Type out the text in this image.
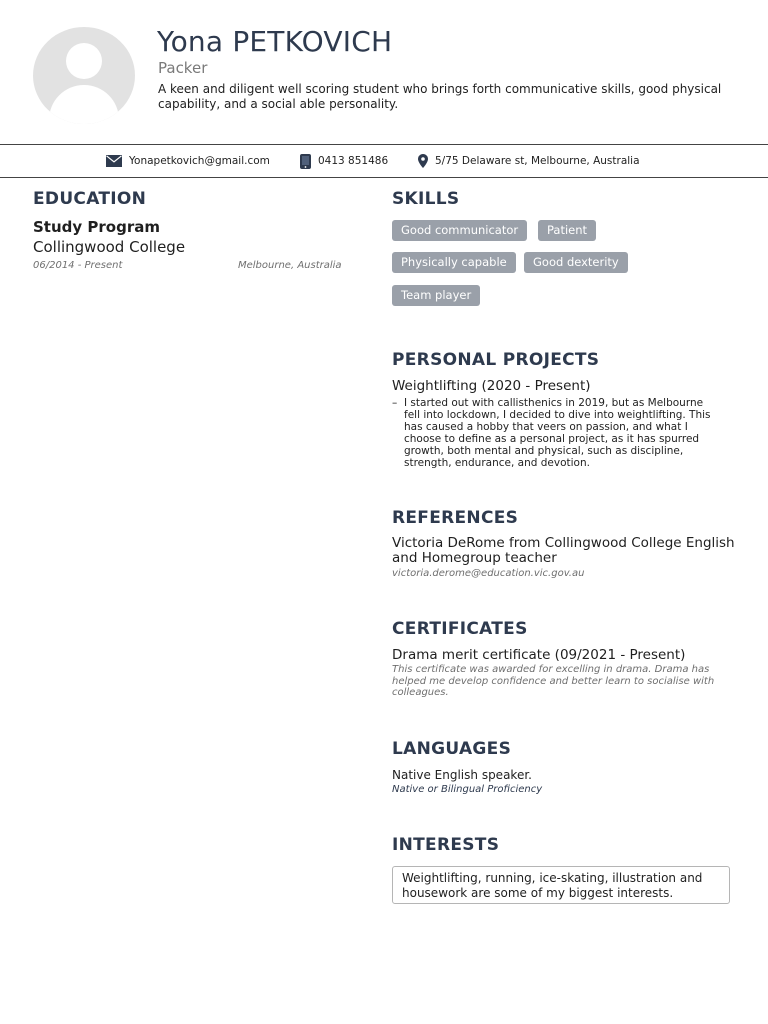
Yona PETKOVICH
Packer

A keen and diligent well scoring student who brings forth communicative skills, good physical capability, and a social able personality.

Yonapetkovich@gmail.com	0413 851486	5/75 Delaware st, Melbourne, Australia
EDUCATION
Study Program
Collingwood College
06/2014 - Present	Melbourne, Australia
SKILLS
Good communicator	Patient
Physically capable	Good dexterity
Team player
PERSONAL PROJECTS
Weightlifting (2020 - Present)
– I started out with callisthenics in 2019, but as Melbourne fell into lockdown, I decided to dive into weightlifting. This has caused a hobby that veers on passion, and what I choose to define as a personal project, as it has spurred growth, both mental and physical, such as discipline, strength, endurance, and devotion.

REFERENCES
Victoria DeRome from Collingwood College English and Homegroup teacher
victoria.derome@education.vic.gov.au
CERTIFICATES
Drama merit certificate (09/2021 - Present)

This certificate was awarded for excelling in drama. Drama has helped me develop confidence and better learn to socialise with colleagues.

LANGUAGES
Native English speaker.
Native or Bilingual Proficiency
INTERESTS
Weightlifting, running, ice-skating, illustration and housework are some of my biggest interests.
